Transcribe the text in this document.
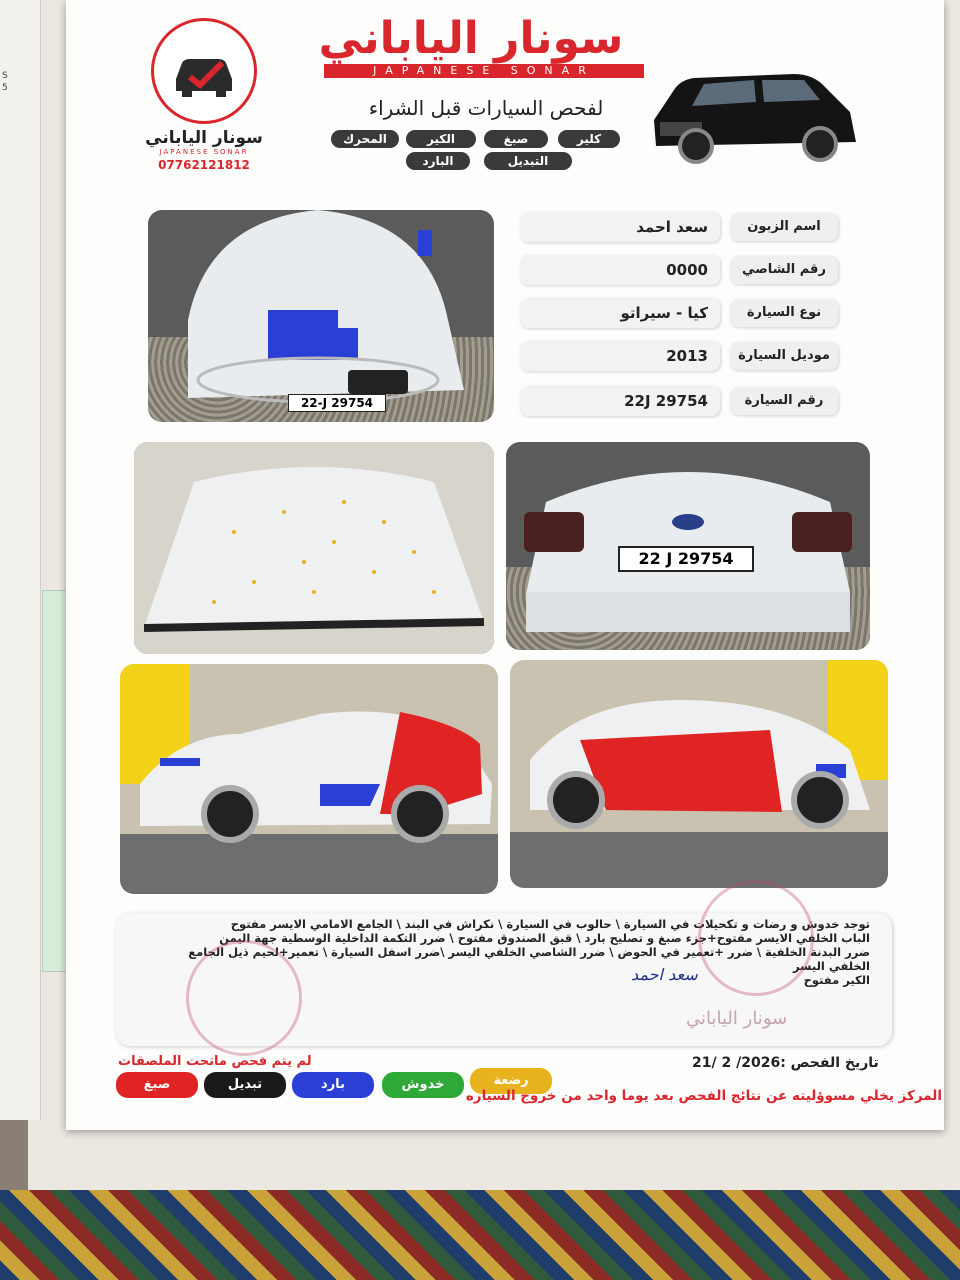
سونار الياباني
JAPANESE SONAR
07762121812
سونار الياباني
JAPANESE SONAR
لفحص السيارات قبل الشراء
كلير
صبغ
الكير
المحرك
التبديل
البارد
22-J 29754
اسم الزبون
سعد احمد
رقم الشاصي
0000
نوع السيارة
كيا - سيراتو
موديل السيارة
2013
رقم السيارة
22J 29754
22 J 29754
توجد خدوش و رضات و تكحيلات في السيارة \ حالوب في السيارة \ نكراش في البند \ الجامع الامامي الايسر مفتوح
الباب الخلفي الايسر مفتوح+جزء صبغ و تصليح بارد \ قبق الصندوق مفتوح \ ضرر التكمة الداخلية الوسطية جهة اليمن
ضرر البدنة الخلفية \ ضرر +تعمير في الحوض \ ضرر الشاصي الخلفي اليسر \ضرر اسفل السيارة \ تعمير+لحيم ذيل الجامع الخلفي اليسر
الكير مفتوح
سعد احمد
سونار الياباني
تاريخ الفحص :2026/ 2 /21
لم يتم فحص ماتحت الملصقات
صبغ	تبديل	بارد	خدوش	رضعة
المركز يخلي مسوؤليته عن نتائج الفحص بعد يوما واحد من خروج السياره
S
5
